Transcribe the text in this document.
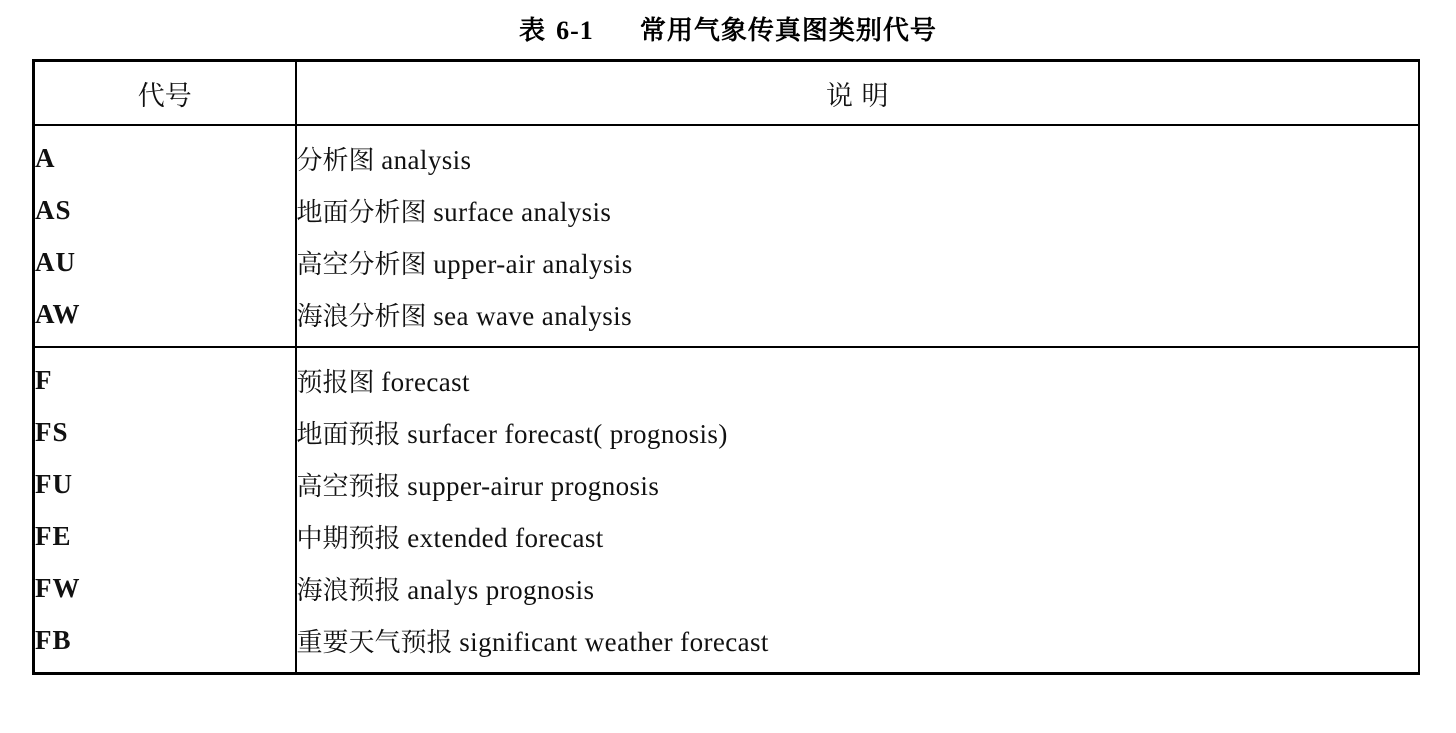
表 6-1 常用气象传真图类别代号
代号	说 明
A	分析图 analysis
AS	地面分析图 surface analysis
AU	高空分析图 upper-air analysis
AW	海浪分析图 sea wave analysis
F	预报图 forecast
FS	地面预报 surfacer forecast( prognosis)
FU	高空预报 supper-airur prognosis
FE	中期预报 extended forecast
FW	海浪预报 analys prognosis
FB	重要天气预报 significant weather forecast
